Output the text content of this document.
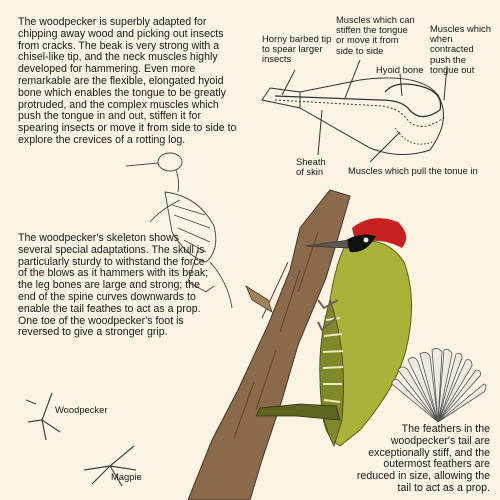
The woodpecker is superbly adapted for chipping away wood and picking out insects from cracks. The beak is very strong with a chisel-like tip, and the neck muscles highly developed for hammering. Even more remarkable are the flexible, elongated hyoid bone which enables the tongue to be greatly protruded, and the complex muscles which push the tongue in and out, stiffen it for spearing insects or move it from side to side to explore the crevices of a rotting log.

The woodpecker's skeleton shows several special adaptations. The skull is particularly sturdy to withstand the force of the blows as it hammers with its beak; the leg bones are large and strong; the end of the spine curves downwards to enable the tail feathes to act as a prop. One toe of the woodpecker's foot is reversed to give a stronger grip.

The feathers in the woodpecker's tail are exceptionally stiff, and the outermost feathers are reduced in size, allowing the tail to act as a prop.

Horny barbed tip to spear larger insects

Muscles which can stiffen the tongue or move it from side to side

Muscles which when contracted push the tongue out

Hyoid bone

Sheath of skin	Muscles which pull the tonue in

Woodpecker

Magpie
